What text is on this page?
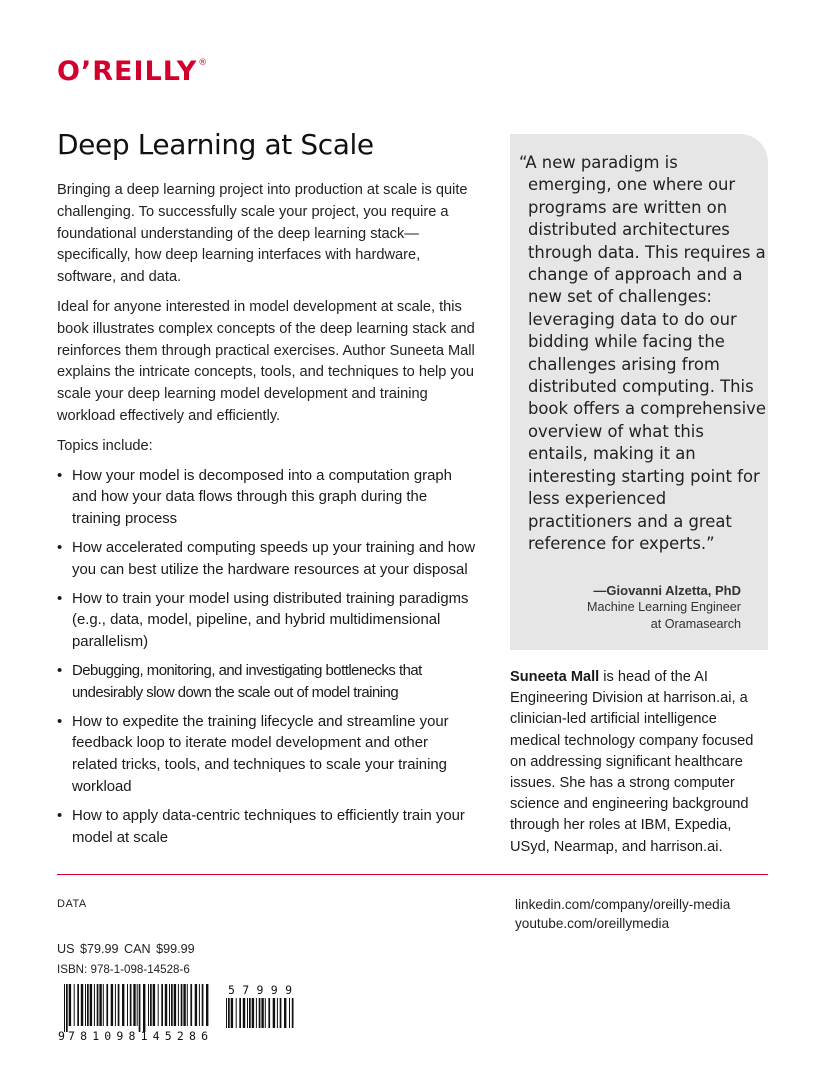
O’REILLY®
Deep Learning at Scale

Bringing a deep learning project into production at scale is quite challenging. To successfully scale your project, you require a foundational understanding of the deep learning stack—specifically, how deep learning interfaces with hardware, software, and data.

Ideal for anyone interested in model development at scale, this book illustrates complex concepts of the deep learning stack and reinforces them through practical exercises. Author Suneeta Mall explains the intricate concepts, tools, and techniques to help you scale your deep learning model development and training workload effectively and efficiently.

Topics include:

• How your model is decomposed into a computation graph and how your data flows through this graph during the training process
• How accelerated computing speeds up your training and how you can best utilize the hardware resources at your disposal
• How to train your model using distributed training paradigms (e.g., data, model, pipeline, and hybrid multidimensional parallelism)
• Debugging, monitoring, and investigating bottlenecks that undesirably slow down the scale out of model training
• How to expedite the training lifecycle and streamline your feedback loop to iterate model development and other related tricks, tools, and techniques to scale your training workload
• How to apply data-centric techniques to efficiently train your model at scale

“A new paradigm is emerging, one where our programs are written on distributed architectures through data. This requires a change of approach and a new set of challenges: leveraging data to do our bidding while facing the challenges arising from distributed computing. This book offers a comprehensive overview of what this entails, making it an interesting starting point for less experienced practitioners and a great reference for experts.”

—Giovanni Alzetta, PhD
Machine Learning Engineer
at Oramasearch

Suneeta Mall is head of the AI Engineering Division at harrison.ai, a clinician-led artificial intelligence medical technology company focused on addressing significant healthcare issues. She has a strong computer science and engineering background through her roles at IBM, Expedia, USyd, Nearmap, and harrison.ai.

DATA	linkedin.com/company/oreilly-media
youtube.com/oreillymedia
US $79.99 CAN $99.99
ISBN: 978-1-098-14528-6
9 781098145286
57999
